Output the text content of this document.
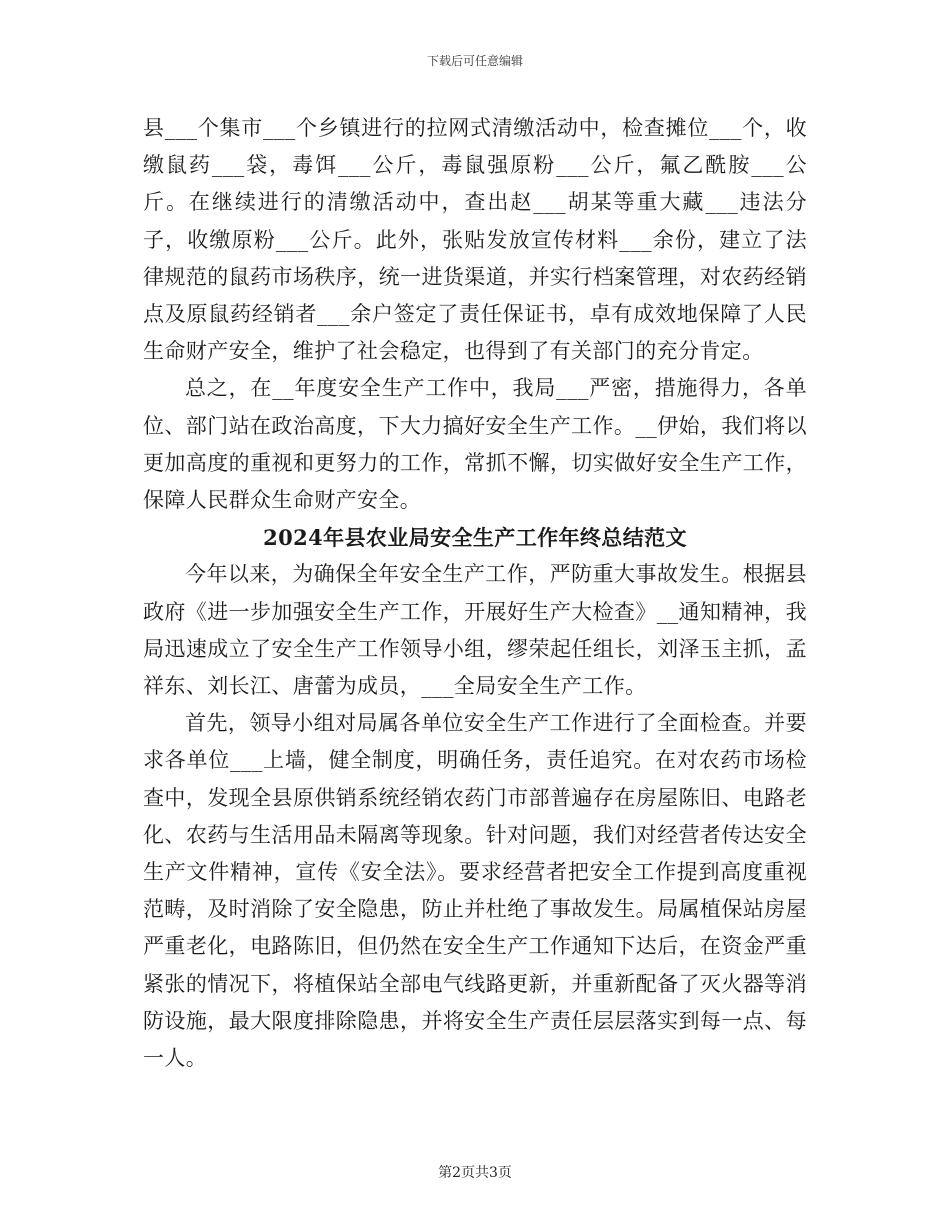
下载后可任意编辑

县___个集市___个乡镇进行的拉网式清缴活动中，检查摊位___个，收缴鼠药___袋，毒饵___公斤，毒鼠强原粉___公斤，氟乙酰胺___公斤。在继续进行的清缴活动中，查出赵___胡某等重大藏___违法分子，收缴原粉___公斤。此外，张贴发放宣传材料___余份，建立了法律规范的鼠药市场秩序，统一进货渠道，并实行档案管理，对农药经销点及原鼠药经销者___余户签定了责任保证书，卓有成效地保障了人民生命财产安全，维护了社会稳定，也得到了有关部门的充分肯定。

总之，在__年度安全生产工作中，我局___严密，措施得力，各单位、部门站在政治高度，下大力搞好安全生产工作。__伊始，我们将以更加高度的重视和更努力的工作，常抓不懈，切实做好安全生产工作，保障人民群众生命财产安全。

2024年县农业局安全生产工作年终总结范文

今年以来，为确保全年安全生产工作，严防重大事故发生。根据县政府《进一步加强安全生产工作，开展好生产大检查》__通知精神，我局迅速成立了安全生产工作领导小组，缪荣起任组长，刘泽玉主抓，孟祥东、刘长江、唐蕾为成员，___全局安全生产工作。

首先，领导小组对局属各单位安全生产工作进行了全面检查。并要求各单位___上墙，健全制度，明确任务，责任追究。在对农药市场检查中，发现全县原供销系统经销农药门市部普遍存在房屋陈旧、电路老化、农药与生活用品未隔离等现象。针对问题，我们对经营者传达安全生产文件精神，宣传《安全法》。要求经营者把安全工作提到高度重视范畴，及时消除了安全隐患，防止并杜绝了事故发生。局属植保站房屋严重老化，电路陈旧，但仍然在安全生产工作通知下达后，在资金严重紧张的情况下，将植保站全部电气线路更新，并重新配备了灭火器等消防设施，最大限度排除隐患，并将安全生产责任层层落实到每一点、每一人。

第2页共3页
